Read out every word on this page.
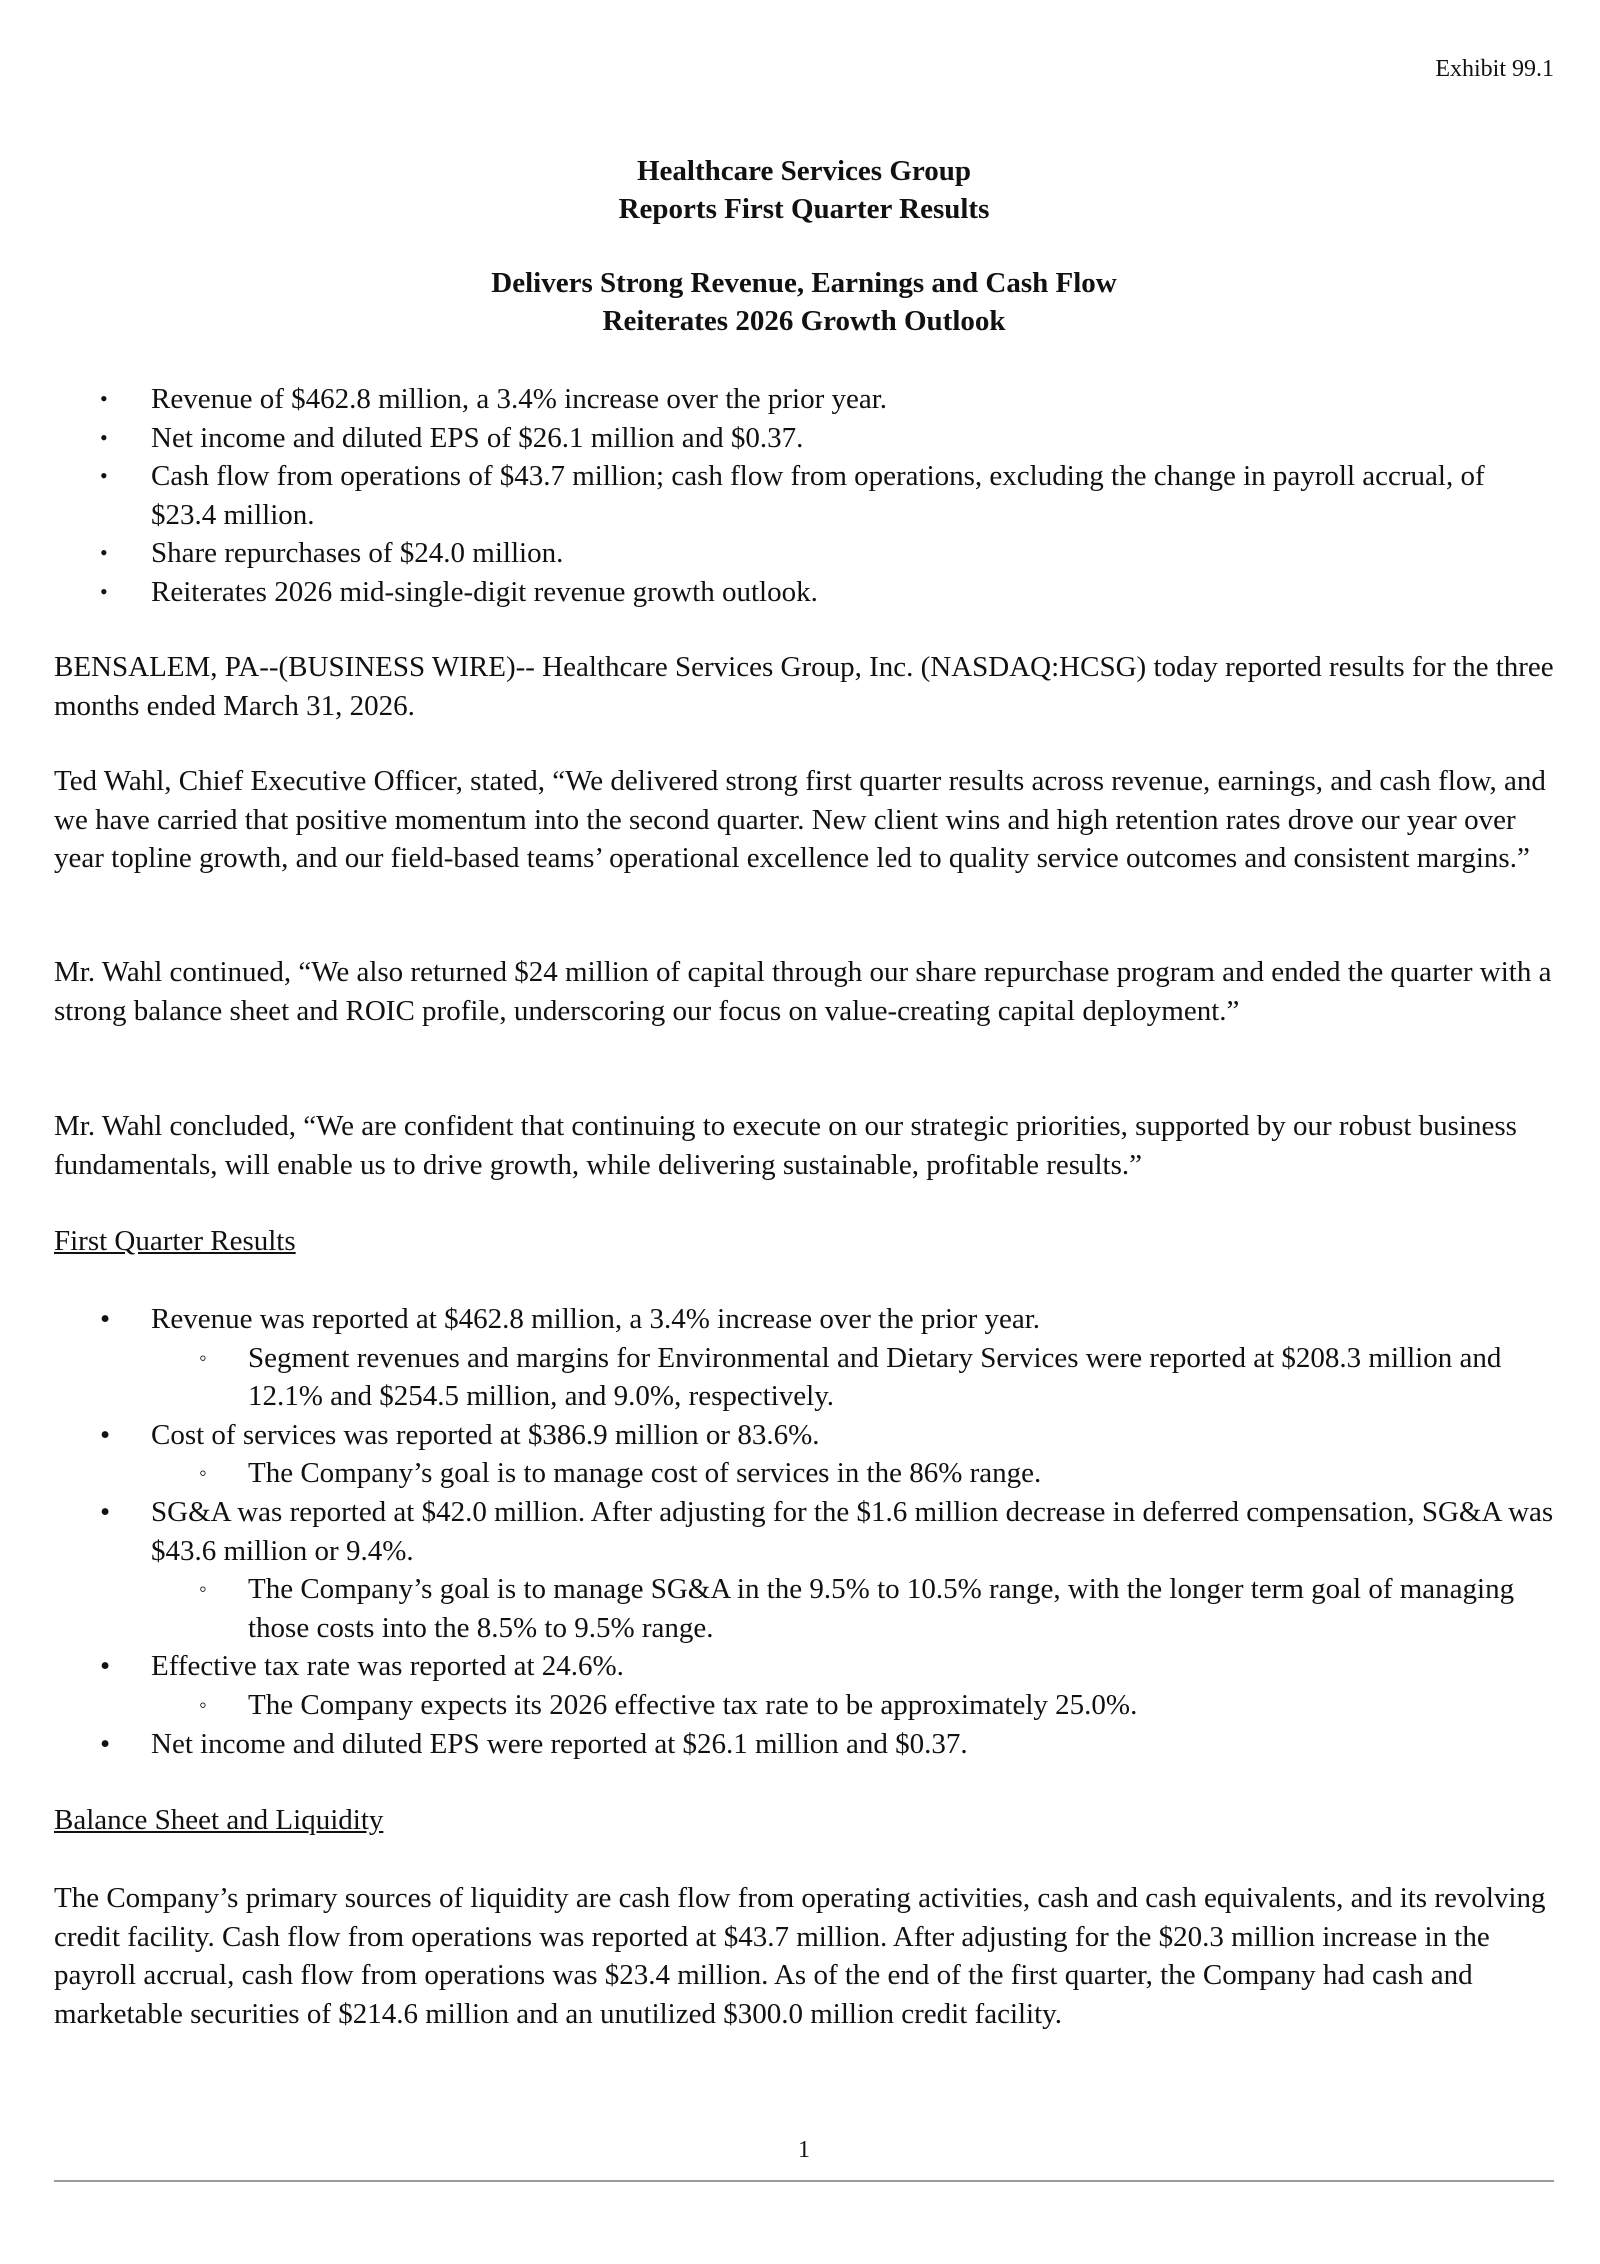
Exhibit 99.1
Healthcare Services Group
Reports First Quarter Results
Delivers Strong Revenue, Earnings and Cash Flow
Reiterates 2026 Growth Outlook
• Revenue of $462.8 million, a 3.4% increase over the prior year.
• Net income and diluted EPS of $26.1 million and $0.37.
• Cash flow from operations of $43.7 million; cash flow from operations, excluding the change in payroll accrual, of $23.4 million.
• Share repurchases of $24.0 million.
• Reiterates 2026 mid-single-digit revenue growth outlook.

BENSALEM, PA--(BUSINESS WIRE)-- Healthcare Services Group, Inc. (NASDAQ:HCSG) today reported results for the three months ended March 31, 2026.

Ted Wahl, Chief Executive Officer, stated, “We delivered strong first quarter results across revenue, earnings, and cash flow, and we have carried that positive momentum into the second quarter. New client wins and high retention rates drove our year over year topline growth, and our field-based teams’ operational excellence led to quality service outcomes and consistent margins.”

Mr. Wahl continued, “We also returned $24 million of capital through our share repurchase program and ended the quarter with a strong balance sheet and ROIC profile, underscoring our focus on value-creating capital deployment.”

Mr. Wahl concluded, “We are confident that continuing to execute on our strategic priorities, supported by our robust business fundamentals, will enable us to drive growth, while delivering sustainable, profitable results.”

First Quarter Results

• Revenue was reported at $462.8 million, a 3.4% increase over the prior year.
◦ Segment revenues and margins for Environmental and Dietary Services were reported at $208.3 million and 12.1% and $254.5 million, and 9.0%, respectively.
• Cost of services was reported at $386.9 million or 83.6%.
◦ The Company’s goal is to manage cost of services in the 86% range.
• SG&A was reported at $42.0 million. After adjusting for the $1.6 million decrease in deferred compensation, SG&A was $43.6 million or 9.4%.
◦ The Company’s goal is to manage SG&A in the 9.5% to 10.5% range, with the longer term goal of managing those costs into the 8.5% to 9.5% range.
• Effective tax rate was reported at 24.6%.
◦ The Company expects its 2026 effective tax rate to be approximately 25.0%.
• Net income and diluted EPS were reported at $26.1 million and $0.37.

Balance Sheet and Liquidity

The Company’s primary sources of liquidity are cash flow from operating activities, cash and cash equivalents, and its revolving credit facility. Cash flow from operations was reported at $43.7 million. After adjusting for the $20.3 million increase in the payroll accrual, cash flow from operations was $23.4 million. As of the end of the first quarter, the Company had cash and marketable securities of $214.6 million and an unutilized $300.0 million credit facility.

1
